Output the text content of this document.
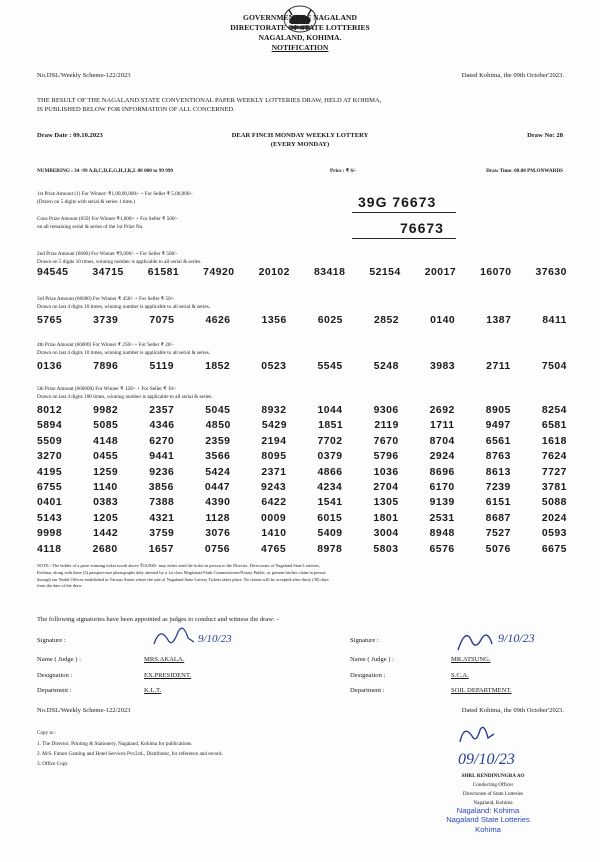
GOVERNMENT OF NAGALAND
DIRECTORATE OF STATE LOTTERIES
NAGALAND, KOHIMA.
NOTIFICATION
No.DSL/Weekly Scheme-122/2023	Dated Kohima, the 09th October'2023.
THE RESULT OF THE NAGALAND STATE CONVENTIONAL PAPER WEEKLY LOTTERIES DRAW, HELD AT KOHIMA,
IS PUBLISHED BELOW FOR INFORMATION OF ALL CONCERNED.
Draw Date : 09.10.2023	DEAR FINCH MONDAY WEEKLY LOTTERY
(EVERY MONDAY)
Draw No: 28
NUMBERING : 34 -99 A,B,C,D,E,G,H,J,K,L 00 000 to 99 999	Price : ₹ 6/-	Draw Time: 08.00 PM.ONWARDS
1st Prize Amount (1) For Winner: ₹1,00,00,000/- + For Seller ₹ 5,00,000/-
(Drawn on 5 digits with serial & series 1 time.)	39G 76673
Cons Prize Amount (659) For Winner ₹1,000/- + For Seller ₹ 500/-
on all remaining serial & series of the 1st Prize No.	76673
2nd Prize Amount (6600) For Winner ₹9,000/- + For Seller ₹ 500/-
Drawn on 5 digits 10 times, winning number is applicable to all serial & series.
94545 34715 61581 74920 20102 83418 52154 20017 16070 37630
3rd Prize Amount (66000) For Winner ₹ 450/- + For Seller ₹ 50/-
Drawn on last 4 digits 10 times, winning number is applicable to all serial & series.
5765	3739	7075	4626	1356	6025	2852	0140	1387	8411
4th Prize Amount (66000) For Winner ₹ 250/- + For Seller ₹ 20/-
Drawn on last 4 digits 10 times, winning number is applicable to all serial & series.
0136	7896	5119	1852	0523	5545	5248	3983	2711	7504
5th Prize Amount (660000) For Winner ₹ 120/- + For Seller ₹ 10/-
Drawn on last 4 digits 100 times, winning number is applicable to all serial & series.
8012	9982	2357	5045	8932	1044	9306	2692	8905	8254
5894	5085	4346	4850	5429	1851	2119	1711	9497	6581
5509	4148	6270	2359	2194	7702	7670	8704	6561	1618
3270	0455	9441	3566	8095	0379	5796	2924	8763	7624
4195	1259	9236	5424	2371	4866	1036	8696	8613	7727
6755	1140	3856	0447	9243	4234	2704	6170	7239	3781
0401	0383	7388	4390	6422	1541	1305	9139	6151	5088
5143	1205	4321	1128	0009	6015	1801	2531	8687	2024
9998	1442	3759	3076	1410	5409	3004	8948	7527	0593
4118	2680	1657	0756	4765	8978	5803	6576	5076	6675
NOTE:- The holder of a prize-winning ticket worth above ₹10,000/- may either send the ticket in person to the Director, Directorate of Nagaland State Lotteries,
Kohima, along with three (3) passport-size photographs duly attested by a 1st class Magistrate/Oath Commissioner/Notary Public, or present his/her claim in person
through our Nodal Offices established in Various States where the sale of Nagaland State Lottery Tickets takes place. No claims will be accepted after thirty (30) days
from the date of the draw.
The following signatories have been appointed as judges to conduct and witness the draw: -
Signature :	9/10/23
Name ( Judge ) :	MRS.AKALA.
Designation :	EX.PRESIDENT.
Department :	K.L.T.
Signature :	9/10/23
Name ( Judge ) :	MR.ATSUNG.
Designation :	S.C.A.
Department :	SOIL DEPARTMENT.
No.DSL/Weekly Scheme-122/2023	Dated Kohima, the 09th October'2023.
Copy to :
1. The Director, Printing & Stationery, Nagaland, Kohima for publications.
2. M/S. Future Gaming and Hotel Services Pvt.Ltd., Distributor, for reference and record.
3. Office Copy	09/10/23
SHRI. RENDINUNGBA AO
Conducting Officer
Directorate of State Lotteries
Nagaland, Kohima
Nagaland: Kohima
Nagaland State Lotteries
Kohima
